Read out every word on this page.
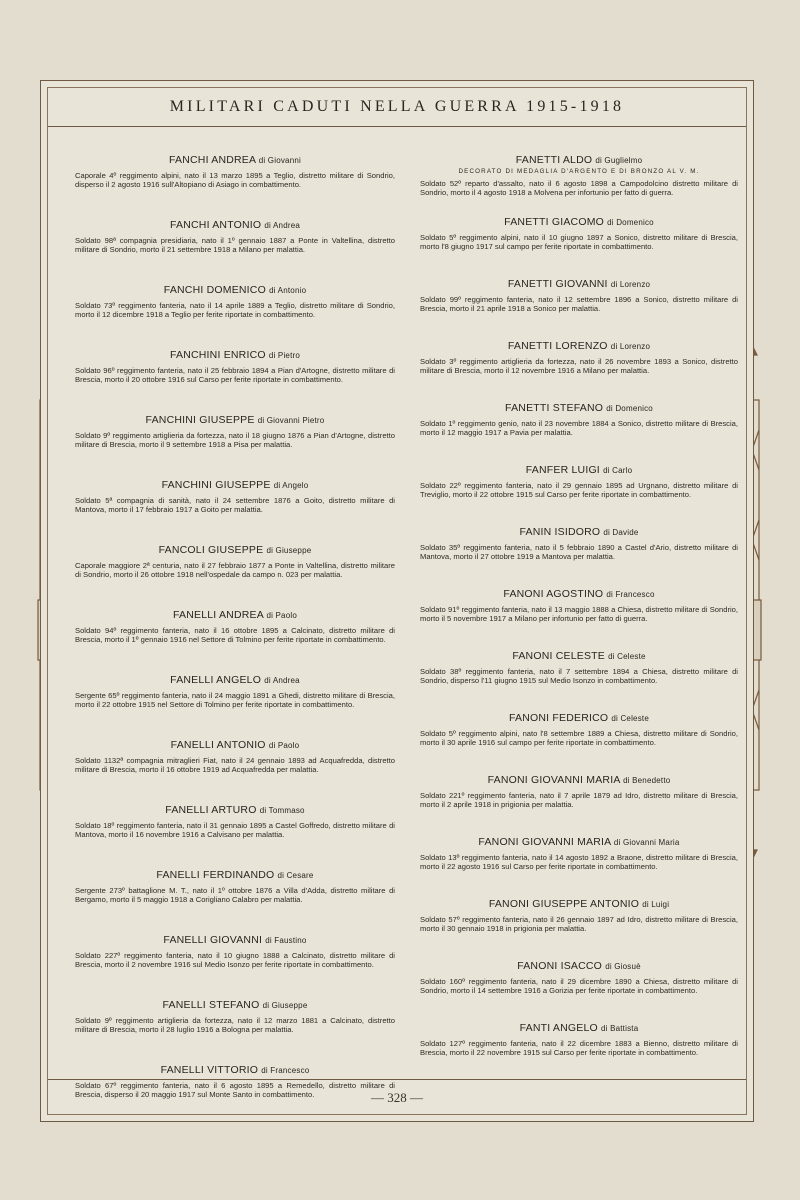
MILITARI CADUTI NELLA GUERRA 1915-1918
FANCHI ANDREA di Giovanni
Caporale 4º reggimento alpini, nato il 13 marzo 1895 a Teglio, distretto militare di Sondrio, disperso il 2 agosto 1916 sull'Altopiano di Asiago in combattimento.
FANCHI ANTONIO di Andrea
Soldato 98ª compagnia presidiaria, nato il 1º gennaio 1887 a Ponte in Valtellina, distretto militare di Sondrio, morto il 21 settembre 1918 a Milano per malattia.
FANCHI DOMENICO di Antonio
Soldato 73º reggimento fanteria, nato il 14 aprile 1889 a Teglio, distretto militare di Sondrio, morto il 12 dicembre 1918 a Teglio per ferite riportate in combattimento.
FANCHINI ENRICO di Pietro
Soldato 96º reggimento fanteria, nato il 25 febbraio 1894 a Pian d'Artogne, distretto militare di Brescia, morto il 20 ottobre 1916 sul Carso per ferite riportate in combattimento.
FANCHINI GIUSEPPE di Giovanni Pietro
Soldato 9º reggimento artiglieria da fortezza, nato il 18 giugno 1876 a Pian d'Artogne, distretto militare di Brescia, morto il 9 settembre 1918 a Pisa per malattia.
FANCHINI GIUSEPPE di Angelo
Soldato 5ª compagnia di sanità, nato il 24 settembre 1876 a Goito, distretto militare di Mantova, morto il 17 febbraio 1917 a Goito per malattia.
FANCOLI GIUSEPPE di Giuseppe
Caporale maggiore 2ª centuria, nato il 27 febbraio 1877 a Ponte in Valtellina, distretto militare di Sondrio, morto il 26 ottobre 1918 nell'ospedale da campo n. 023 per malattia.
FANELLI ANDREA di Paolo
Soldato 94º reggimento fanteria, nato il 16 ottobre 1895 a Calcinato, distretto militare di Brescia, morto il 1º gennaio 1916 nel Settore di Tolmino per ferite riportate in combattimento.
FANELLI ANGELO di Andrea
Sergente 65º reggimento fanteria, nato il 24 maggio 1891 a Ghedi, distretto militare di Brescia, morto il 22 ottobre 1915 nel Settore di Tolmino per ferite riportate in combattimento.
FANELLI ANTONIO di Paolo
Soldato 1132ª compagnia mitraglieri Fiat, nato il 24 gennaio 1893 ad Acquafredda, distretto militare di Brescia, morto il 16 ottobre 1919 ad Acquafredda per malattia.
FANELLI ARTURO di Tommaso
Soldato 18º reggimento fanteria, nato il 31 gennaio 1895 a Castel Goffredo, distretto militare di Mantova, morto il 16 novembre 1916 a Calvisano per malattia.
FANELLI FERDINANDO di Cesare
Sergente 273º battaglione M. T., nato il 1º ottobre 1876 a Villa d'Adda, distretto militare di Bergamo, morto il 5 maggio 1918 a Corigliano Calabro per malattia.
FANELLI GIOVANNI di Faustino
Soldato 227º reggimento fanteria, nato il 10 giugno 1888 a Calcinato, distretto militare di Brescia, morto il 2 novembre 1916 sul Medio Isonzo per ferite riportate in combattimento.
FANELLI STEFANO di Giuseppe
Soldato 9º reggimento artiglieria da fortezza, nato il 12 marzo 1881 a Calcinato, distretto militare di Brescia, morto il 28 luglio 1916 a Bologna per malattia.
FANELLI VITTORIO di Francesco
Soldato 67º reggimento fanteria, nato il 6 agosto 1895 a Remedello, distretto militare di Brescia, disperso il 20 maggio 1917 sul Monte Santo in combattimento.
FANETTI ALDO di Guglielmo
DECORATO DI MEDAGLIA D'ARGENTO E DI BRONZO AL V. M.
Soldato 52º reparto d'assalto, nato il 6 agosto 1898 a Campodolcino distretto militare di Sondrio, morto il 4 agosto 1918 a Molvena per infortunio per fatto di guerra.
FANETTI GIACOMO di Domenico
Soldato 5º reggimento alpini, nato il 10 giugno 1897 a Sonico, distretto militare di Brescia, morto l'8 giugno 1917 sul campo per ferite riportate in combattimento.
FANETTI GIOVANNI di Lorenzo
Soldato 99º reggimento fanteria, nato il 12 settembre 1896 a Sonico, distretto militare di Brescia, morto il 21 aprile 1918 a Sonico per malattia.
FANETTI LORENZO di Lorenzo
Soldato 3º reggimento artiglieria da fortezza, nato il 26 novembre 1893 a Sonico, distretto militare di Brescia, morto il 12 novembre 1916 a Milano per malattia.
FANETTI STEFANO di Domenico
Soldato 1º reggimento genio, nato il 23 novembre 1884 a Sonico, distretto militare di Brescia, morto il 12 maggio 1917 a Pavia per malattia.
FANFER LUIGI di Carlo
Soldato 22º reggimento fanteria, nato il 29 gennaio 1895 ad Urgnano, distretto militare di Treviglio, morto il 22 ottobre 1915 sul Carso per ferite riportate in combattimento.
FANIN ISIDORO di Davide
Soldato 35º reggimento fanteria, nato il 5 febbraio 1890 a Castel d'Ario, distretto militare di Mantova, morto il 27 ottobre 1919 a Mantova per malattia.
FANONI AGOSTINO di Francesco
Soldato 91º reggimento fanteria, nato il 13 maggio 1888 a Chiesa, distretto militare di Sondrio, morto il 5 novembre 1917 a Milano per infortunio per fatto di guerra.
FANONI CELESTE di Celeste
Soldato 38º reggimento fanteria, nato il 7 settembre 1894 a Chiesa, distretto militare di Sondrio, disperso l'11 giugno 1915 sul Medio Isonzo in combattimento.
FANONI FEDERICO di Celeste
Soldato 5º reggimento alpini, nato l'8 settembre 1889 a Chiesa, distretto militare di Sondrio, morto il 30 aprile 1916 sul campo per ferite riportate in combattimento.
FANONI GIOVANNI MARIA di Benedetto
Soldato 221º reggimento fanteria, nato il 7 aprile 1879 ad Idro, distretto militare di Brescia, morto il 2 aprile 1918 in prigionia per malattia.
FANONI GIOVANNI MARIA di Giovanni Maria
Soldato 13º reggimento fanteria, nato il 14 agosto 1892 a Braone, distretto militare di Brescia, morto il 22 agosto 1916 sul Carso per ferite riportate in combattimento.
FANONI GIUSEPPE ANTONIO di Luigi
Soldato 57º reggimento fanteria, nato il 26 gennaio 1897 ad Idro, distretto militare di Brescia, morto il 30 gennaio 1918 in prigionia per malattia.
FANONI ISACCO di Giosuè
Soldato 160º reggimento fanteria, nato il 29 dicembre 1890 a Chiesa, distretto militare di Sondrio, morto il 14 settembre 1916 a Gorizia per ferite riportate in combattimento.
FANTI ANGELO di Battista
Soldato 127º reggimento fanteria, nato il 22 dicembre 1883 a Bienno, distretto militare di Brescia, morto il 22 novembre 1915 sul Carso per ferite riportate in combattimento.
— 328 —
